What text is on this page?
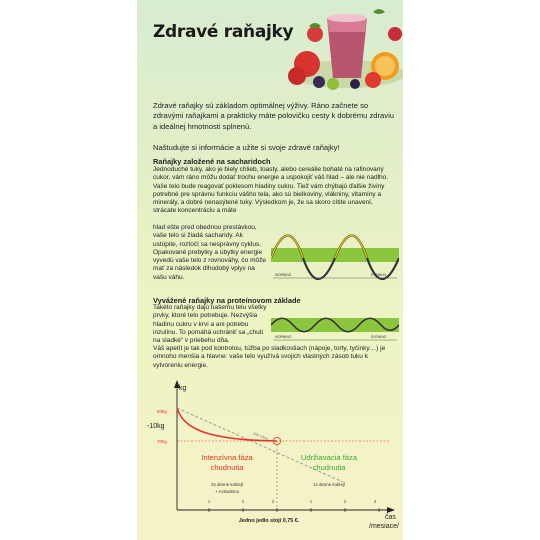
Zdravé raňajky
Zdravé raňajky sú základom optimálnej výživy. Ráno začnete so zdravými raňajkami a prakticky máte polovičku cesty k dobrému zdraviu a ideálnej hmotnosti splnenú.
Naštudujte si informácie a užite si svoje zdravé raňajky!
Raňajky založené na sacharidoch
Jednoduché tuky, ako je biely chlieb, toasty, alebo cereálie bohaté na rafinovaný cukor, vám ráno môžu dodať trochu energie a uspokojiť váš hlad – ale nie nadlho. Vaše telo bude reagovať poklesom hladiny cukru. Tiež vám chýbajú ďalšie živiny potrebné pre správnu funkciu vášho tela, ako sú bielkoviny, vlákniny, vitamíny a minerály, a dobré nenasýtené tuky. Výsledkom je, že sa skoro cítite unavení, strácate koncentráciu a máte
hlad ešte pred obednou prestávkou, vaše telo si žiadá sacharidy. Ak ustúpite, roztočí sa nesprávny cyklus. Opakované prebytky a úbytky energie vyvedú vaše telo z rovnováhy, čo môže mať za následok dlhodobý vplyv na vašu váhu.	MORNING	EVENING
Vyvážené raňajky na proteínovom základe
Takéto raňajky dajú našemu telu všetky prvky, ktoré telo potrebuje. Nezvýšia hladinu cukru v krvi a ani potrebu inzulínu. To pomáhá uchrániť sa „chuti na sladké“ v priebehu dňa.
Váš apetít je tak pod kontrolou, túžba po sladkostiach (nápoje, torty, tyčinky…) je omnoho menšia a hlavne: vaše telo využívá svojich vlastných zásob tuku k vytvoreniu energie.
MORNING	EVENING
kg
80kg
-10kg
70kg
jojo efekt
Intenzívna fáza
chudnutia
Udržiavacia fáza
chudnutia
2x denne koktejl
+ Activdetox
1x denne koktejl
1	2	3	1	2	3
Jedno jedlo stojí 0,75 €.	čas
/mesiace/
